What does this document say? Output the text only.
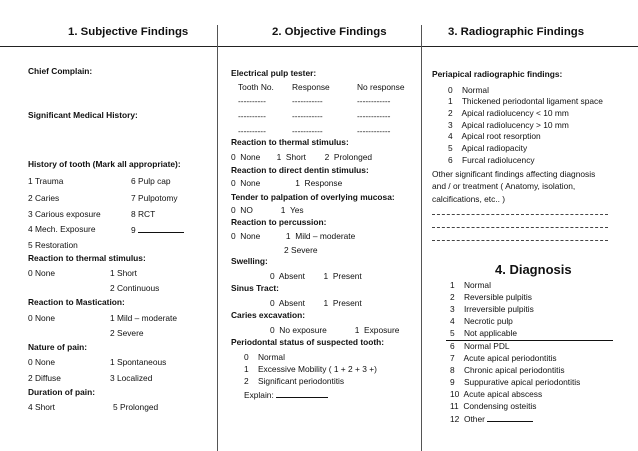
1. Subjective Findings	2. Objective Findings	3. Radiographic Findings
Chief Complain:
Significant Medical History:
History of tooth (Mark all appropriate):
1 Trauma	6 Pulp cap
2 Caries	7 Pulpotomy
3 Carious exposure	8 RCT
4 Mech. Exposure	9
5 Restoration
Reaction to thermal stimulus:
0 None	1 Short
2 Continuous
Reaction to Mastication:
0 None	1 Mild – moderate
2 Severe
Nature of pain:
0 None	1 Spontaneous
2 Diffuse	3 Localized
Duration of pain:
4 Short	5 Prolonged
Electrical pulp tester:
Tooth No. Response	No response
----------	-----------	------------
----------	-----------	------------
----------	-----------	------------
Reaction to thermal stimulus:
0  None       1  Short        2  Prolonged
Reaction to direct dentin stimulus:
0  None               1  Response
Tender to palpation of overlying mucosa:
0  NO            1  Yes
Reaction to percussion:
0  None           1  Mild – moderate
2 Severe
Swelling:
0  Absent        1  Present
Sinus Tract:
0  Absent        1  Present
Caries excavation:
0  No exposure            1  Exposure
Periodontal status of suspected tooth:
0    Normal
1    Excessive Mobility ( 1 + 2 + 3 +)
2    Significant periodontitis
Explain:
Periapical radiographic findings:
0    Normal
1    Thickened periodontal ligament space
2    Apical radiolucency < 10 mm
3    Apical radiolucency > 10 mm
4    Apical root resorption
5    Apical radiopacity
6    Furcal radiolucency
Other significant findings affecting diagnosis
and / or treatment ( Anatomy, isolation,
calcifications, etc.. )
4. Diagnosis
1    Normal
2    Reversible pulpitis
3    Irreversible pulpitis
4    Necrotic pulp
5    Not applicable
6    Normal PDL
7    Acute apical periodontitis
8    Chronic apical periodontitis
9    Suppurative apical periodontitis
10  Acute apical abscess
11  Condensing osteitis
12  Other
